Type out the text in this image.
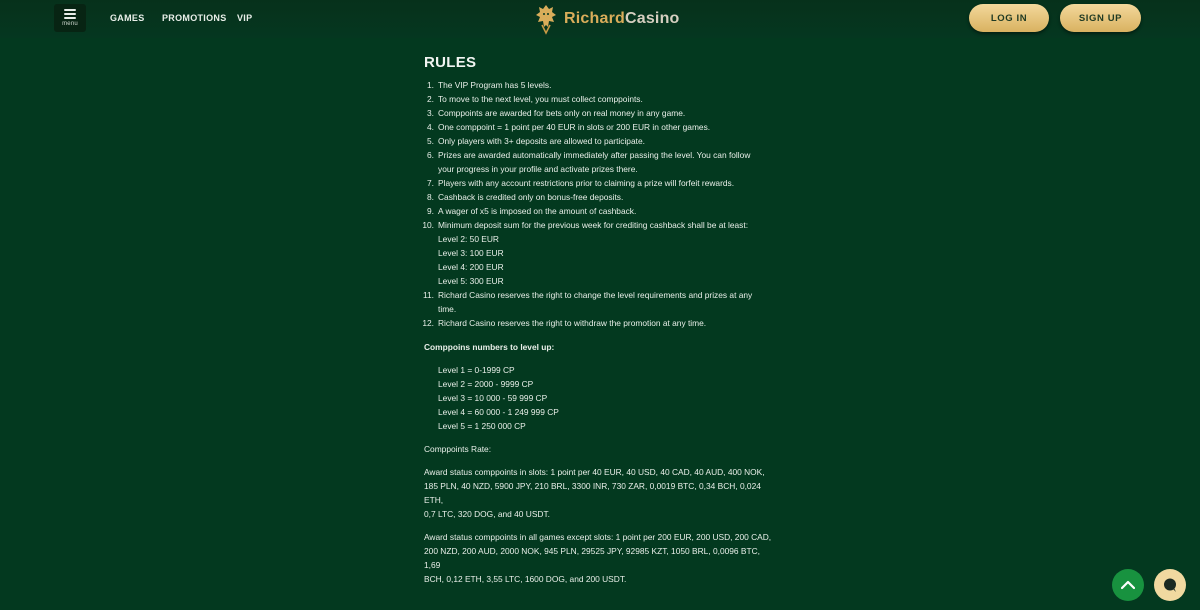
menu
GAMES PROMOTIONS VIP	RichardCasino	LOG IN	SIGN UP
RULES
1. The VIP Program has 5 levels.
2. To move to the next level, you must collect comppoints.
3. Comppoints are awarded for bets only on real money in any game.
4. One comppoint = 1 point per 40 EUR in slots or 200 EUR in other games.
5. Only players with 3+ deposits are allowed to participate.
6. Prizes are awarded automatically immediately after passing the level. You can follow
your progress in your profile and activate prizes there.
7. Players with any account restrictions prior to claiming a prize will forfeit rewards.
8. Cashback is credited only on bonus-free deposits.
9. A wager of x5 is imposed on the amount of cashback.
10. Minimum deposit sum for the previous week for crediting cashback shall be at least:
Level 2: 50 EUR
Level 3: 100 EUR
Level 4: 200 EUR
Level 5: 300 EUR
11. Richard Casino reserves the right to change the level requirements and prizes at any
time.
12. Richard Casino reserves the right to withdraw the promotion at any time.
Comppoins numbers to level up:
Level 1 = 0-1999 CP
Level 2 = 2000 - 9999 CP
Level 3 = 10 000 - 59 999 CP
Level 4 = 60 000 - 1 249 999 CP
Level 5 = 1 250 000 CP
Comppoints Rate:
Award status comppoints in slots: 1 point per 40 EUR, 40 USD, 40 CAD, 40 AUD, 400 NOK,
185 PLN, 40 NZD, 5900 JPY, 210 BRL, 3300 INR, 730 ZAR, 0,0019 BTC, 0,34 BCH, 0,024 ETH,
0,7 LTC, 320 DOG, and 40 USDT.
Award status comppoints in all games except slots: 1 point per 200 EUR, 200 USD, 200 CAD,
200 NZD, 200 AUD, 2000 NOK, 945 PLN, 29525 JPY, 92985 KZT, 1050 BRL, 0,0096 BTC, 1,69
BCH, 0,12 ETH, 3,55 LTC, 1600 DOG, and 200 USDT.
